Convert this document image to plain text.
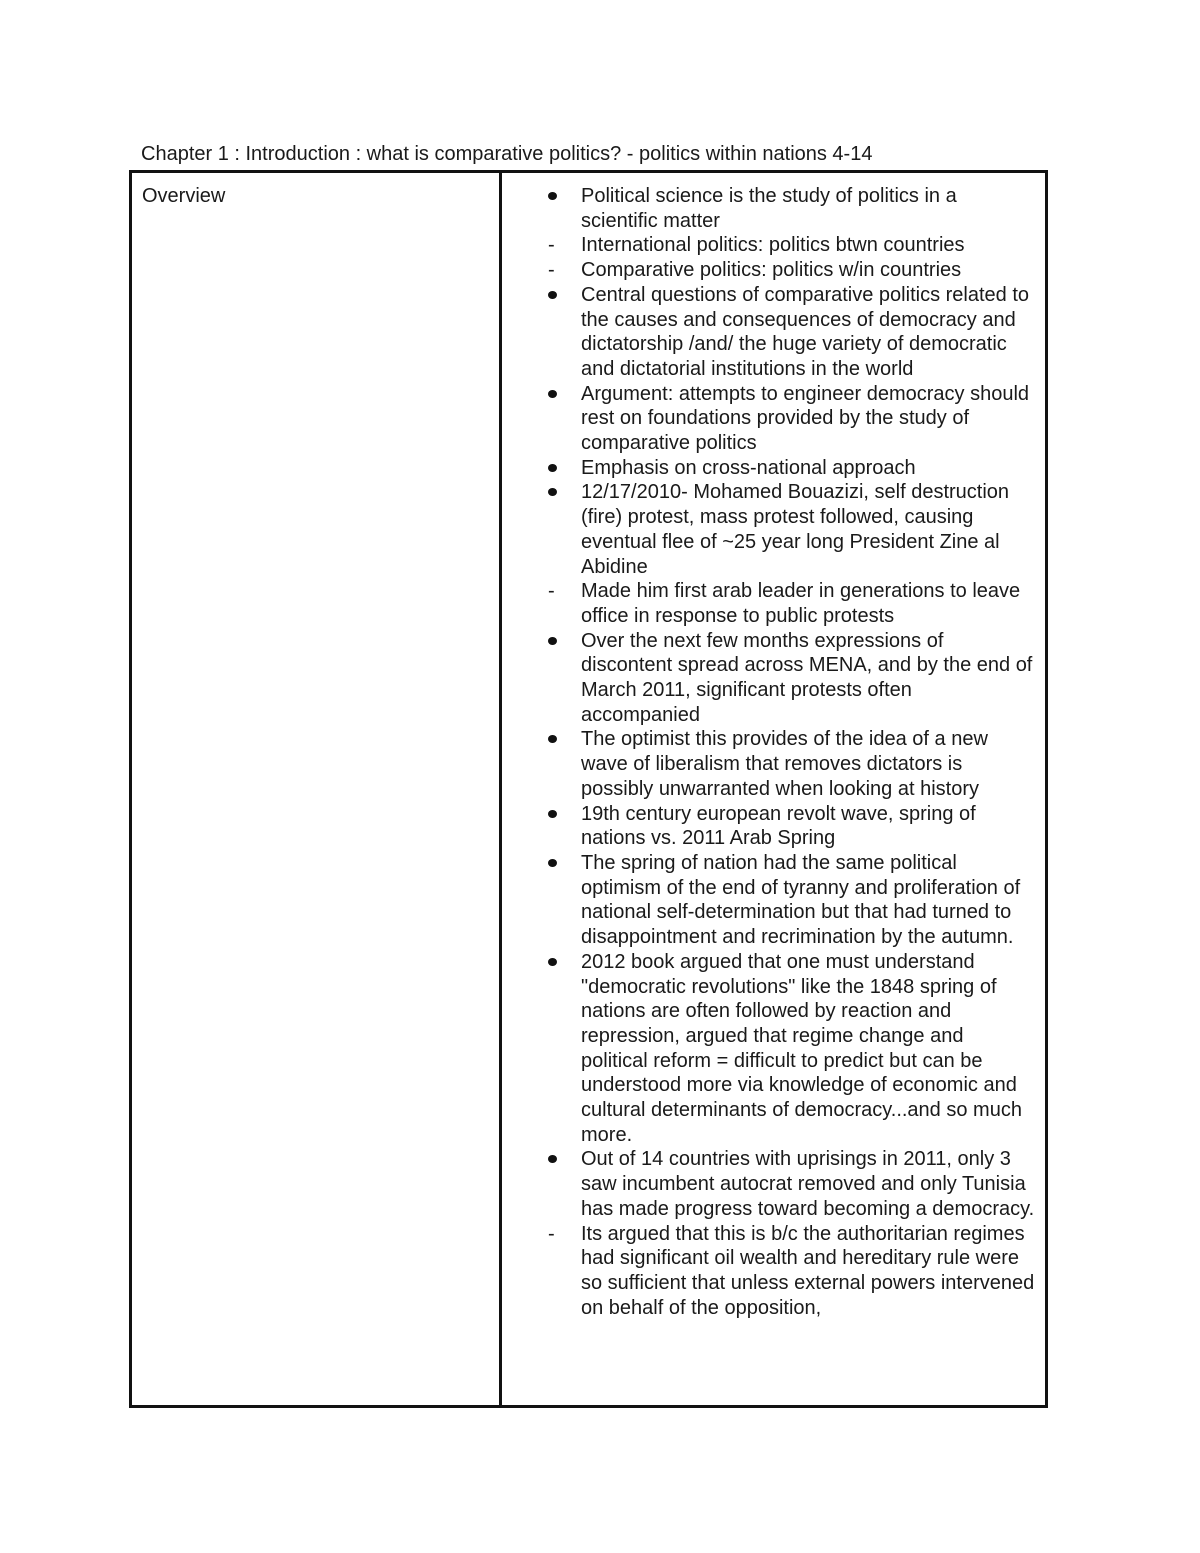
Chapter 1 : Introduction : what is comparative politics? - politics within nations 4-14
Overview	Political science is the study of politics in a scientific matter
-
International politics: politics btwn countries
-
Comparative politics: politics w/in countries
Central questions of comparative politics related to the causes and consequences of democracy and dictatorship /and/ the huge variety of democratic and dictatorial institutions in the world
Argument: attempts to engineer democracy should rest on foundations provided by the study of comparative politics
Emphasis on cross-national approach
12/17/2010- Mohamed Bouazizi, self destruction (fire) protest, mass protest followed, causing eventual flee of ~25 year long President Zine al Abidine
-
Made him first arab leader in generations to leave office in response to public protests
Over the next few months expressions of discontent spread across MENA, and by the end of March 2011, significant protests often accompanied
The optimist this provides of the idea of a new wave of liberalism that removes dictators is possibly unwarranted when looking at history
19th century european revolt wave, spring of nations vs. 2011 Arab Spring
The spring of nation had the same political optimism of the end of tyranny and proliferation of national self-determination but that had turned to disappointment and recrimination by the autumn.
2012 book argued that one must understand "democratic revolutions" like the 1848 spring of nations are often followed by reaction and repression, argued that regime change and political reform = difficult to predict but can be understood more via knowledge of economic and cultural determinants of democracy...and so much more.
Out of 14 countries with uprisings in 2011, only 3 saw incumbent autocrat removed and only Tunisia has made progress toward becoming a democracy.
-
Its argued that this is b/c the authoritarian regimes had significant oil wealth and hereditary rule were so sufficient that unless external powers intervened on behalf of the opposition,
